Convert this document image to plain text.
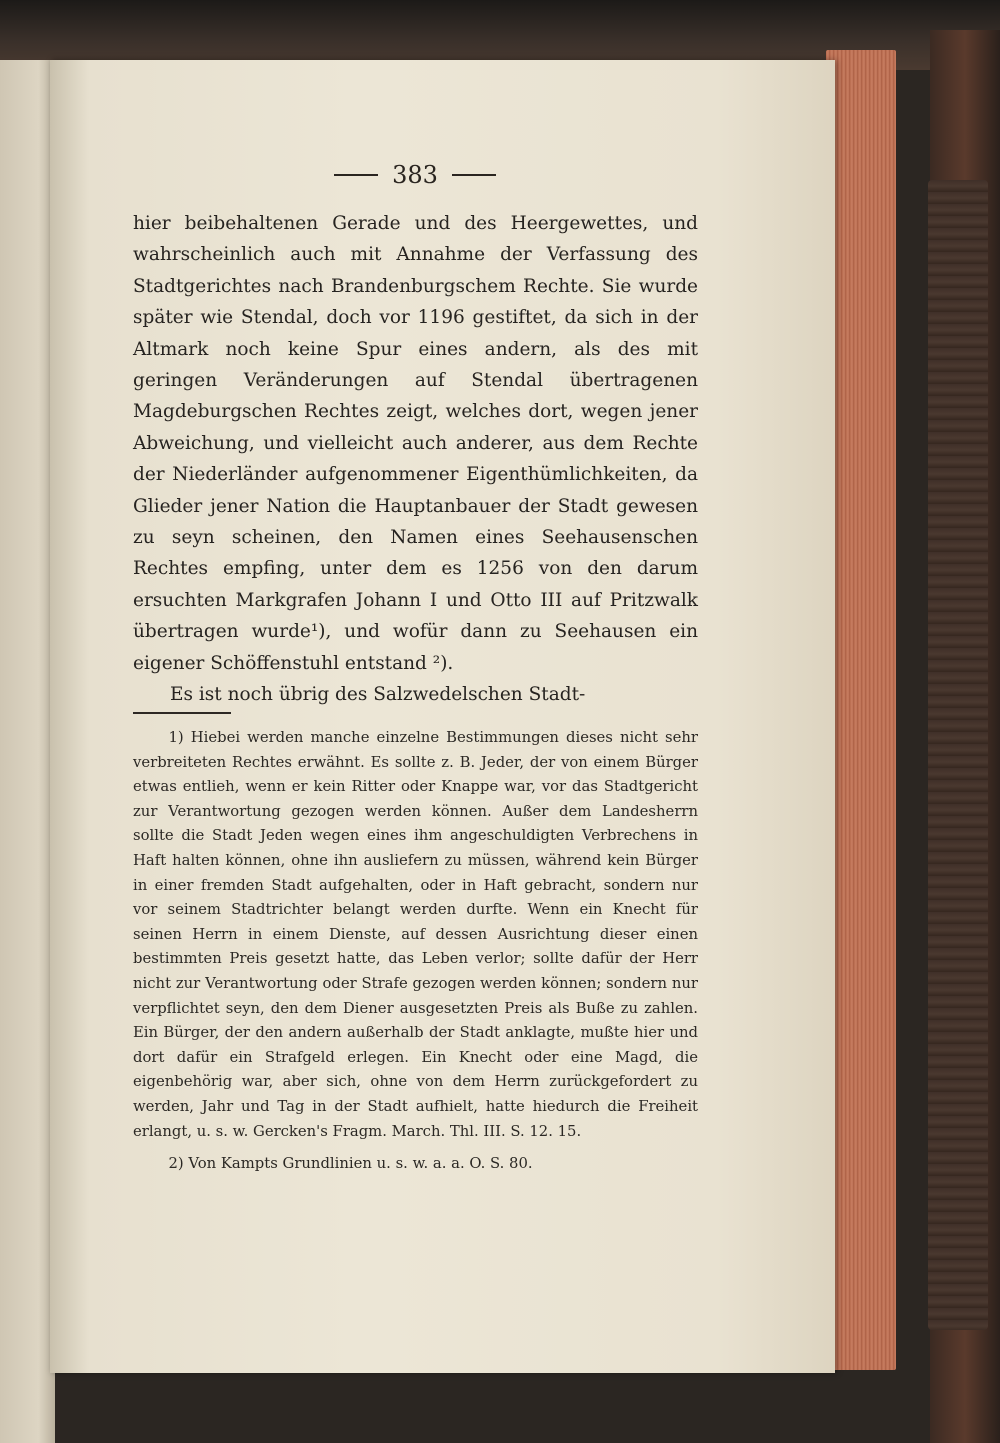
383

hier beibehaltenen Gerade und des Heergewettes, und wahrscheinlich auch mit Annahme der Verfassung des Stadtgerichtes nach Brandenburgschem Rechte. Sie wurde später wie Stendal, doch vor 1196 gestiftet, da sich in der Altmark noch keine Spur eines andern, als des mit geringen Veränderungen auf Stendal übertragenen Magdeburgschen Rechtes zeigt, welches dort, wegen jener Abweichung, und vielleicht auch anderer, aus dem Rechte der Niederländer aufgenommener Eigenthümlichkeiten, da Glieder jener Nation die Hauptanbauer der Stadt gewesen zu seyn scheinen, den Namen eines Seehausenschen Rechtes empfing, unter dem es 1256 von den darum ersuchten Markgrafen Johann I und Otto III auf Pritzwalk übertragen wurde¹), und wofür dann zu Seehausen ein eigener Schöffenstuhl entstand ²).

Es ist noch übrig des Salzwedelschen Stadt-

1) Hiebei werden manche einzelne Bestimmungen dieses nicht sehr verbreiteten Rechtes erwähnt. Es sollte z. B. Jeder, der von einem Bürger etwas entlieh, wenn er kein Ritter oder Knappe war, vor das Stadtgericht zur Verantwortung gezogen werden können. Außer dem Landesherrn sollte die Stadt Jeden wegen eines ihm angeschuldigten Verbrechens in Haft halten können, ohne ihn ausliefern zu müssen, während kein Bürger in einer fremden Stadt aufgehalten, oder in Haft gebracht, sondern nur vor seinem Stadtrichter belangt werden durfte. Wenn ein Knecht für seinen Herrn in einem Dienste, auf dessen Ausrichtung dieser einen bestimmten Preis gesetzt hatte, das Leben verlor; sollte dafür der Herr nicht zur Verantwortung oder Strafe gezogen werden können; sondern nur verpflichtet seyn, den dem Diener ausgesetzten Preis als Buße zu zahlen. Ein Bürger, der den andern außerhalb der Stadt anklagte, mußte hier und dort dafür ein Strafgeld erlegen. Ein Knecht oder eine Magd, die eigenbehörig war, aber sich, ohne von dem Herrn zurückgefordert zu werden, Jahr und Tag in der Stadt aufhielt, hatte hiedurch die Freiheit erlangt, u. s. w. Gercken's Fragm. March. Thl. III. S. 12. 15.

2) Von Kampts Grundlinien u. s. w. a. a. O. S. 80.
